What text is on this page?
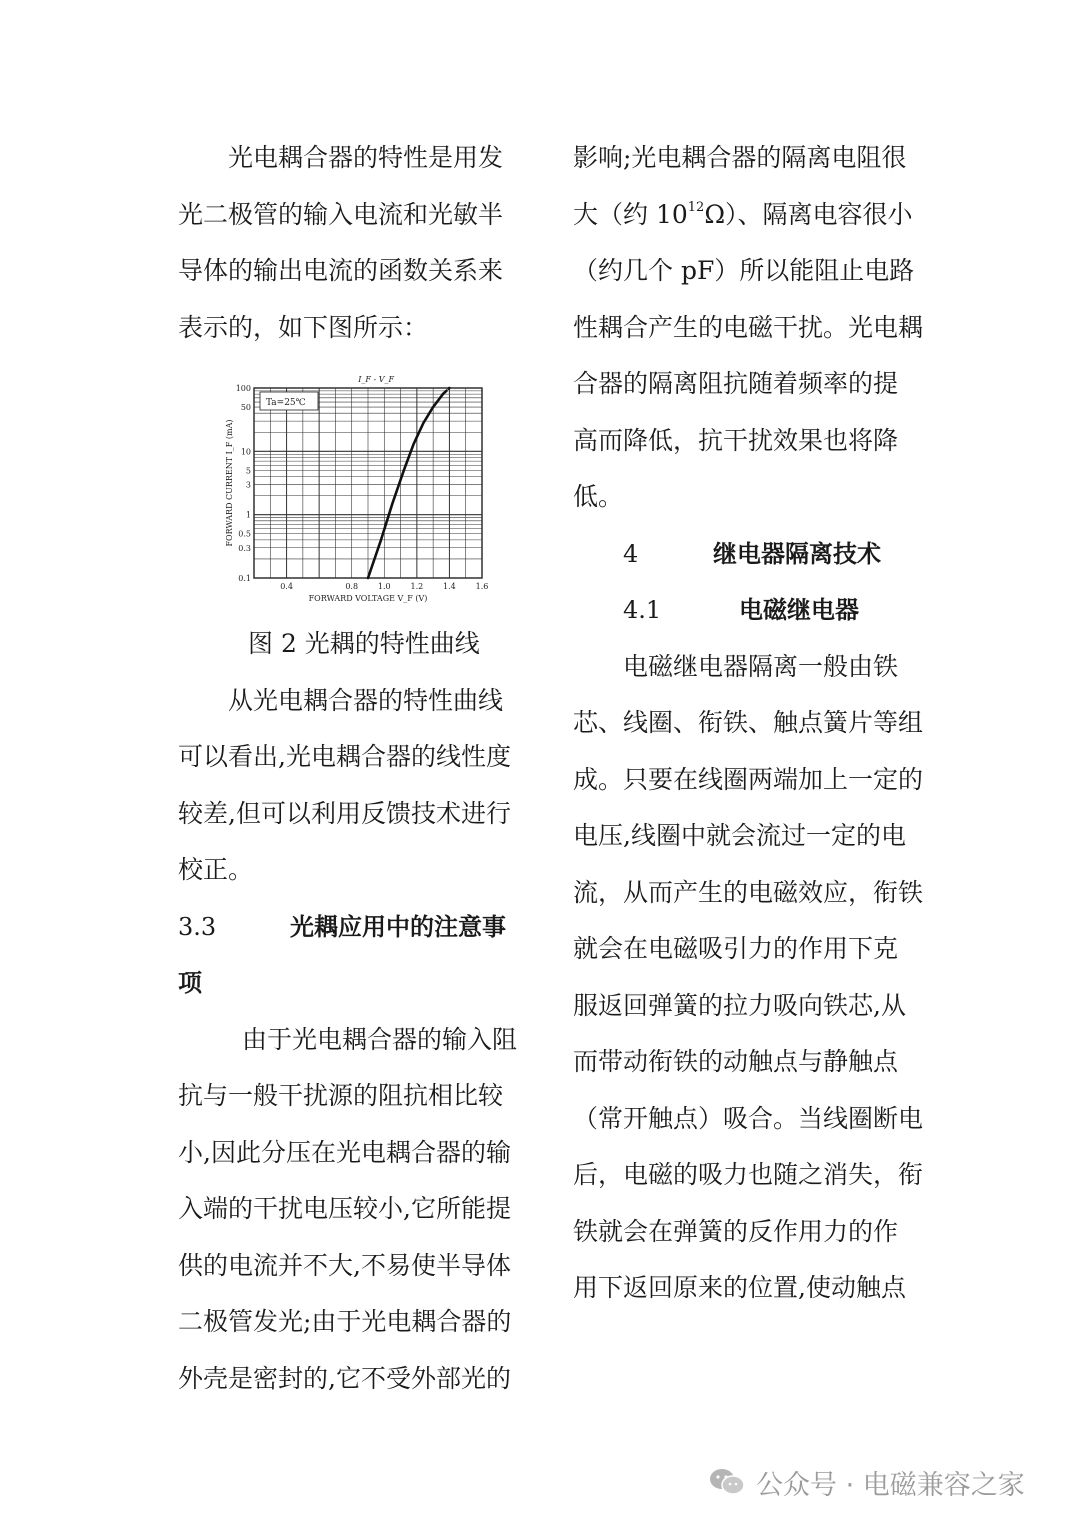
光电耦合器的特性是用发
光二极管的输入电流和光敏半
导体的输出电流的函数关系来
表示的，如下图所示：
0.1
0.3
0.5
1
3
5
10
50
100
0.4	0.8 1.0 1.2 1.4 1.6
FORWARD VOLTAGE V_F (V)
FORWARD CURRENT I_F (mA)
I_F - V_F
Ta=25℃
图 2 光耦的特性曲线
从光电耦合器的特性曲线
可以看出,光电耦合器的线性度
较差,但可以利用反馈技术进行
校正。
3.3	光耦应用中的注意事
项
由于光电耦合器的输入阻
抗与一般干扰源的阻抗相比较
小,因此分压在光电耦合器的输
入端的干扰电压较小,它所能提
供的电流并不大,不易使半导体
二极管发光;由于光电耦合器的
外壳是密封的,它不受外部光的
影响;光电耦合器的隔离电阻很
大（约 $10^{12}\Omega$）、隔离电容很小
（约几个 pF）所以能阻止电路
性耦合产生的电磁干扰。光电耦
合器的隔离阻抗随着频率的提
高而降低，抗干扰效果也将降
低。
4	继电器隔离技术
4.1	电磁继电器
电磁继电器隔离一般由铁
芯、线圈、衔铁、触点簧片等组
成。只要在线圈两端加上一定的
电压,线圈中就会流过一定的电
流，从而产生的电磁效应，衔铁
就会在电磁吸引力的作用下克
服返回弹簧的拉力吸向铁芯,从
而带动衔铁的动触点与静触点
（常开触点）吸合。当线圈断电
后，电磁的吸力也随之消失，衔
铁就会在弹簧的反作用力的作
用下返回原来的位置,使动触点
公众号 · 电磁兼容之家
